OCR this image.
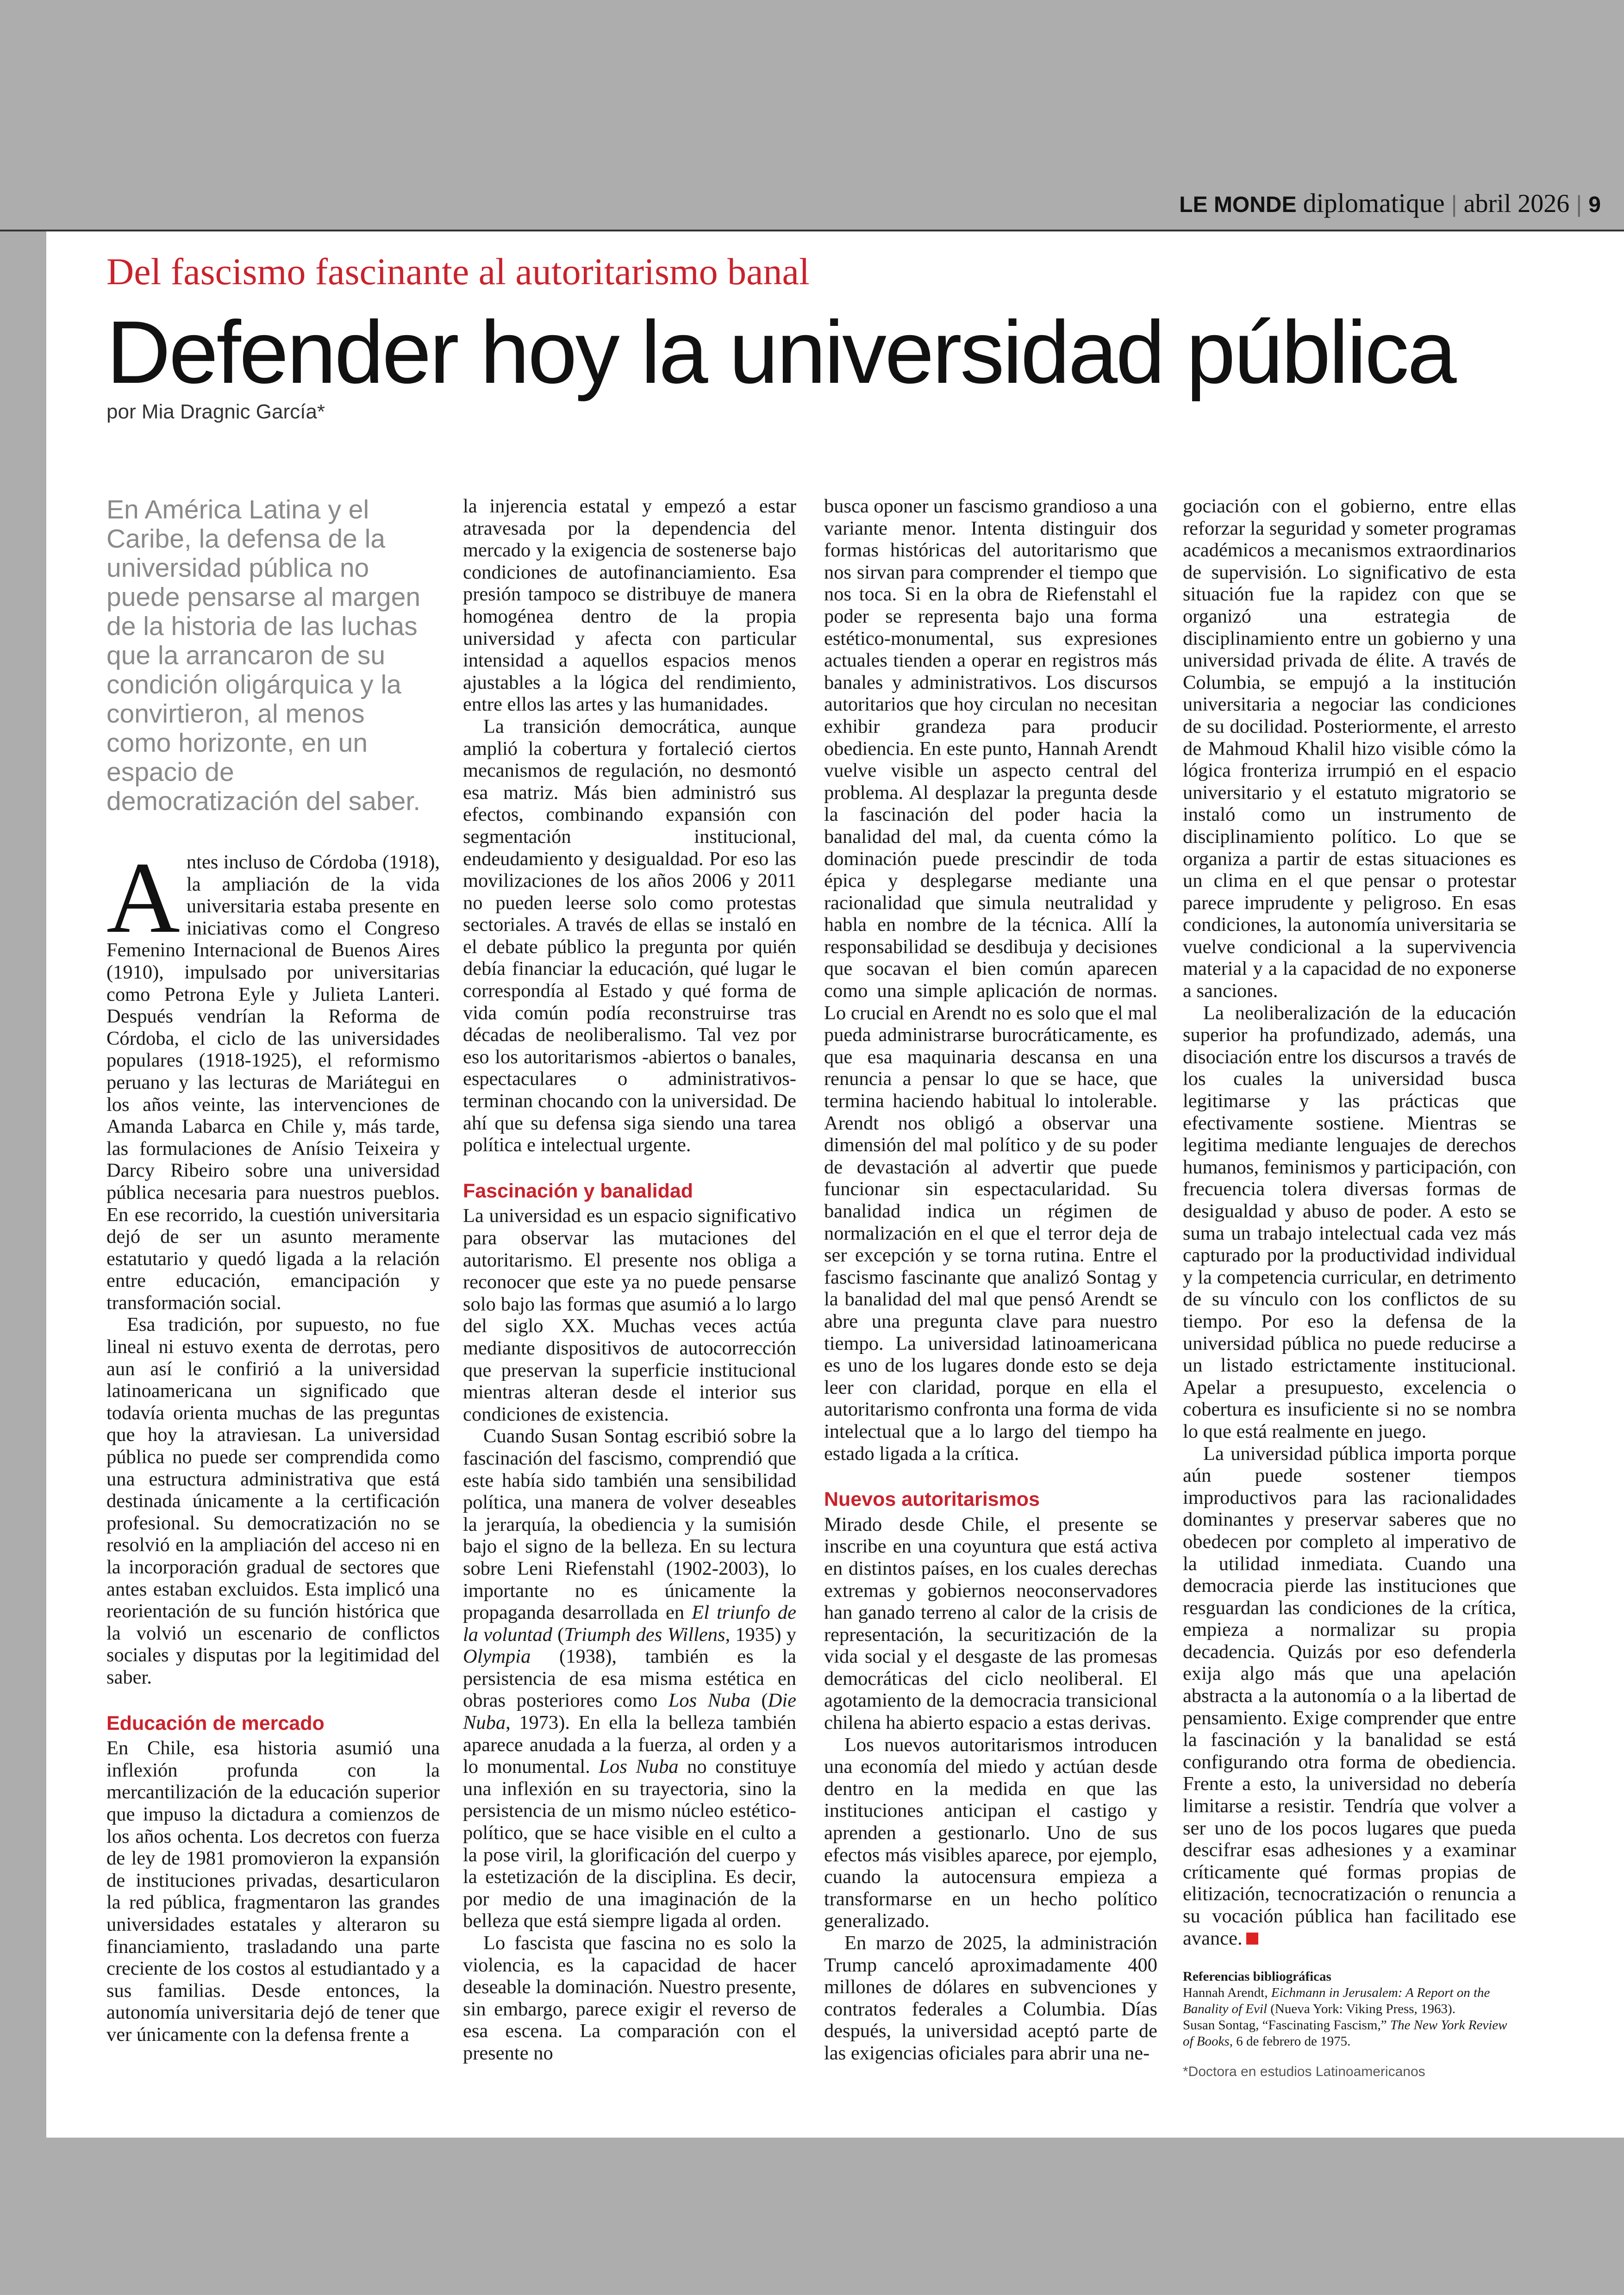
LE MONDE diplomatique | abril 2026 | 9
Del fascismo fascinante al autoritarismo banal
Defender hoy la universidad pública
por Mia Dragnic García*
En América Latina y el Caribe, la defensa de la universidad pública no puede pensarse al margen de la historia de las luchas que la arrancaron de su condición oligárquica y la convirtieron, al menos como horizonte, en un espacio de democratización del saber.

Antes incluso de Córdoba (1918), la ampliación de la vida universitaria estaba presente en iniciativas como el Congreso Femenino Internacional de Buenos Aires (1910), impulsado por universitarias como Petrona Eyle y Julieta Lanteri. Después vendrían la Reforma de Córdoba, el ciclo de las universidades populares (1918-1925), el reformismo peruano y las lecturas de Mariátegui en los años veinte, las intervenciones de Amanda Labarca en Chile y, más tarde, las formulaciones de Anísio Teixeira y Darcy Ribeiro sobre una universidad pública necesaria para nuestros pueblos. En ese recorrido, la cuestión universitaria dejó de ser un asunto meramente estatutario y quedó ligada a la relación entre educación, emancipación y transformación social.

Esa tradición, por supuesto, no fue lineal ni estuvo exenta de derrotas, pero aun así le confirió a la universidad latinoamericana un significado que todavía orienta muchas de las preguntas que hoy la atraviesan. La universidad pública no puede ser comprendida como una estructura administrativa que está destinada únicamente a la certificación profesional. Su democratización no se resolvió en la ampliación del acceso ni en la incorporación gradual de sectores que antes estaban excluidos. Esta implicó una reorientación de su función histórica que la volvió un escenario de conflictos sociales y disputas por la legitimidad del saber.

Educación de mercado

En Chile, esa historia asumió una inflexión profunda con la mercantilización de la educación superior que impuso la dictadura a comienzos de los años ochenta. Los decretos con fuerza de ley de 1981 promovieron la expansión de instituciones privadas, desarticularon la red pública, fragmentaron las grandes universidades estatales y alteraron su financiamiento, trasladando una parte creciente de los costos al estudiantado y a sus familias. Desde entonces, la autonomía universitaria dejó de tener que ver únicamente con la defensa frente a

la injerencia estatal y empezó a estar atravesada por la dependencia del mercado y la exigencia de sostenerse bajo condiciones de autofinanciamiento. Esa presión tampoco se distribuye de manera homogénea dentro de la propia universidad y afecta con particular intensidad a aquellos espacios menos ajustables a la lógica del rendimiento, entre ellos las artes y las humanidades.

La transición democrática, aunque amplió la cobertura y fortaleció ciertos mecanismos de regulación, no desmontó esa matriz. Más bien administró sus efectos, combinando expansión con segmentación institucional, endeudamiento y desigualdad. Por eso las movilizaciones de los años 2006 y 2011 no pueden leerse solo como protestas sectoriales. A través de ellas se instaló en el debate público la pregunta por quién debía financiar la educación, qué lugar le correspondía al Estado y qué forma de vida común podía reconstruirse tras décadas de neoliberalismo. Tal vez por eso los autoritarismos -abiertos o banales, espectaculares o administrativos- terminan chocando con la universidad. De ahí que su defensa siga siendo una tarea política e intelectual urgente.

Fascinación y banalidad

La universidad es un espacio significativo para observar las mutaciones del autoritarismo. El presente nos obliga a reconocer que este ya no puede pensarse solo bajo las formas que asumió a lo largo del siglo XX. Muchas veces actúa mediante dispositivos de autocorrección que preservan la superficie institucional mientras alteran desde el interior sus condiciones de existencia.

Cuando Susan Sontag escribió sobre la fascinación del fascismo, comprendió que este había sido también una sensibilidad política, una manera de volver deseables la jerarquía, la obediencia y la sumisión bajo el signo de la belleza. En su lectura sobre Leni Riefenstahl (1902-2003), lo importante no es únicamente la propaganda desarrollada en El triunfo de la voluntad (Triumph des Willens, 1935) y Olympia (1938), también es la persistencia de esa misma estética en obras posteriores como Los Nuba (Die Nuba, 1973). En ella la belleza también aparece anudada a la fuerza, al orden y a lo monumental. Los Nuba no constituye una inflexión en su trayectoria, sino la persistencia de un mismo núcleo estético-político, que se hace visible en el culto a la pose viril, la glorificación del cuerpo y la estetización de la disciplina. Es decir, por medio de una imaginación de la belleza que está siempre ligada al orden.

Lo fascista que fascina no es solo la violencia, es la capacidad de hacer deseable la dominación. Nuestro presente, sin embargo, parece exigir el reverso de esa escena. La comparación con el presente no

busca oponer un fascismo grandioso a una variante menor. Intenta distinguir dos formas históricas del autoritarismo que nos sirvan para comprender el tiempo que nos toca. Si en la obra de Riefenstahl el poder se representa bajo una forma estético-monumental, sus expresiones actuales tienden a operar en registros más banales y administrativos. Los discursos autoritarios que hoy circulan no necesitan exhibir grandeza para producir obediencia. En este punto, Hannah Arendt vuelve visible un aspecto central del problema. Al desplazar la pregunta desde la fascinación del poder hacia la banalidad del mal, da cuenta cómo la dominación puede prescindir de toda épica y desplegarse mediante una racionalidad que simula neutralidad y habla en nombre de la técnica. Allí la responsabilidad se desdibuja y decisiones que socavan el bien común aparecen como una simple aplicación de normas. Lo crucial en Arendt no es solo que el mal pueda administrarse burocráticamente, es que esa maquinaria descansa en una renuncia a pensar lo que se hace, que termina haciendo habitual lo intolerable. Arendt nos obligó a observar una dimensión del mal político y de su poder de devastación al advertir que puede funcionar sin espectacularidad. Su banalidad indica un régimen de normalización en el que el terror deja de ser excepción y se torna rutina. Entre el fascismo fascinante que analizó Sontag y la banalidad del mal que pensó Arendt se abre una pregunta clave para nuestro tiempo. La universidad latinoamericana es uno de los lugares donde esto se deja leer con claridad, porque en ella el autoritarismo confronta una forma de vida intelectual que a lo largo del tiempo ha estado ligada a la crítica.

Nuevos autoritarismos

Mirado desde Chile, el presente se inscribe en una coyuntura que está activa en distintos países, en los cuales derechas extremas y gobiernos neoconservadores han ganado terreno al calor de la crisis de representación, la securitización de la vida social y el desgaste de las promesas democráticas del ciclo neoliberal. El agotamiento de la democracia transicional chilena ha abierto espacio a estas derivas.

Los nuevos autoritarismos introducen una economía del miedo y actúan desde dentro en la medida en que las instituciones anticipan el castigo y aprenden a gestionarlo. Uno de sus efectos más visibles aparece, por ejemplo, cuando la autocensura empieza a transformarse en un hecho político generalizado.

En marzo de 2025, la administración Trump canceló aproximadamente 400 millones de dólares en subvenciones y contratos federales a Columbia. Días después, la universidad aceptó parte de las exigencias oficiales para abrir una ne-

gociación con el gobierno, entre ellas reforzar la seguridad y someter programas académicos a mecanismos extraordinarios de supervisión. Lo significativo de esta situación fue la rapidez con que se organizó una estrategia de disciplinamiento entre un gobierno y una universidad privada de élite. A través de Columbia, se empujó a la institución universitaria a negociar las condiciones de su docilidad. Posteriormente, el arresto de Mahmoud Khalil hizo visible cómo la lógica fronteriza irrumpió en el espacio universitario y el estatuto migratorio se instaló como un instrumento de disciplinamiento político. Lo que se organiza a partir de estas situaciones es un clima en el que pensar o protestar parece imprudente y peligroso. En esas condiciones, la autonomía universitaria se vuelve condicional a la supervivencia material y a la capacidad de no exponerse a sanciones.

La neoliberalización de la educación superior ha profundizado, además, una disociación entre los discursos a través de los cuales la universidad busca legitimarse y las prácticas que efectivamente sostiene. Mientras se legitima mediante lenguajes de derechos humanos, feminismos y participación, con frecuencia tolera diversas formas de desigualdad y abuso de poder. A esto se suma un trabajo intelectual cada vez más capturado por la productividad individual y la competencia curricular, en detrimento de su vínculo con los conflictos de su tiempo. Por eso la defensa de la universidad pública no puede reducirse a un listado estrictamente institucional. Apelar a presupuesto, excelencia o cobertura es insuficiente si no se nombra lo que está realmente en juego.

La universidad pública importa porque aún puede sostener tiempos improductivos para las racionalidades dominantes y preservar saberes que no obedecen por completo al imperativo de la utilidad inmediata. Cuando una democracia pierde las instituciones que resguardan las condiciones de la crítica, empieza a normalizar su propia decadencia. Quizás por eso defenderla exija algo más que una apelación abstracta a la autonomía o a la libertad de pensamiento. Exige comprender que entre la fascinación y la banalidad se está configurando otra forma de obediencia. Frente a esto, la universidad no debería limitarse a resistir. Tendría que volver a ser uno de los pocos lugares que pueda descifrar esas adhesiones y a examinar críticamente qué formas propias de elitización, tecnocratización o renuncia a su vocación pública han facilitado ese avance.

Referencias bibliográficas

Hannah Arendt, Eichmann in Jerusalem: A Report on the Banality of Evil (Nueva York: Viking Press, 1963).

Susan Sontag, “Fascinating Fascism,” The New York Review of Books, 6 de febrero de 1975.

*Doctora en estudios Latinoamericanos
